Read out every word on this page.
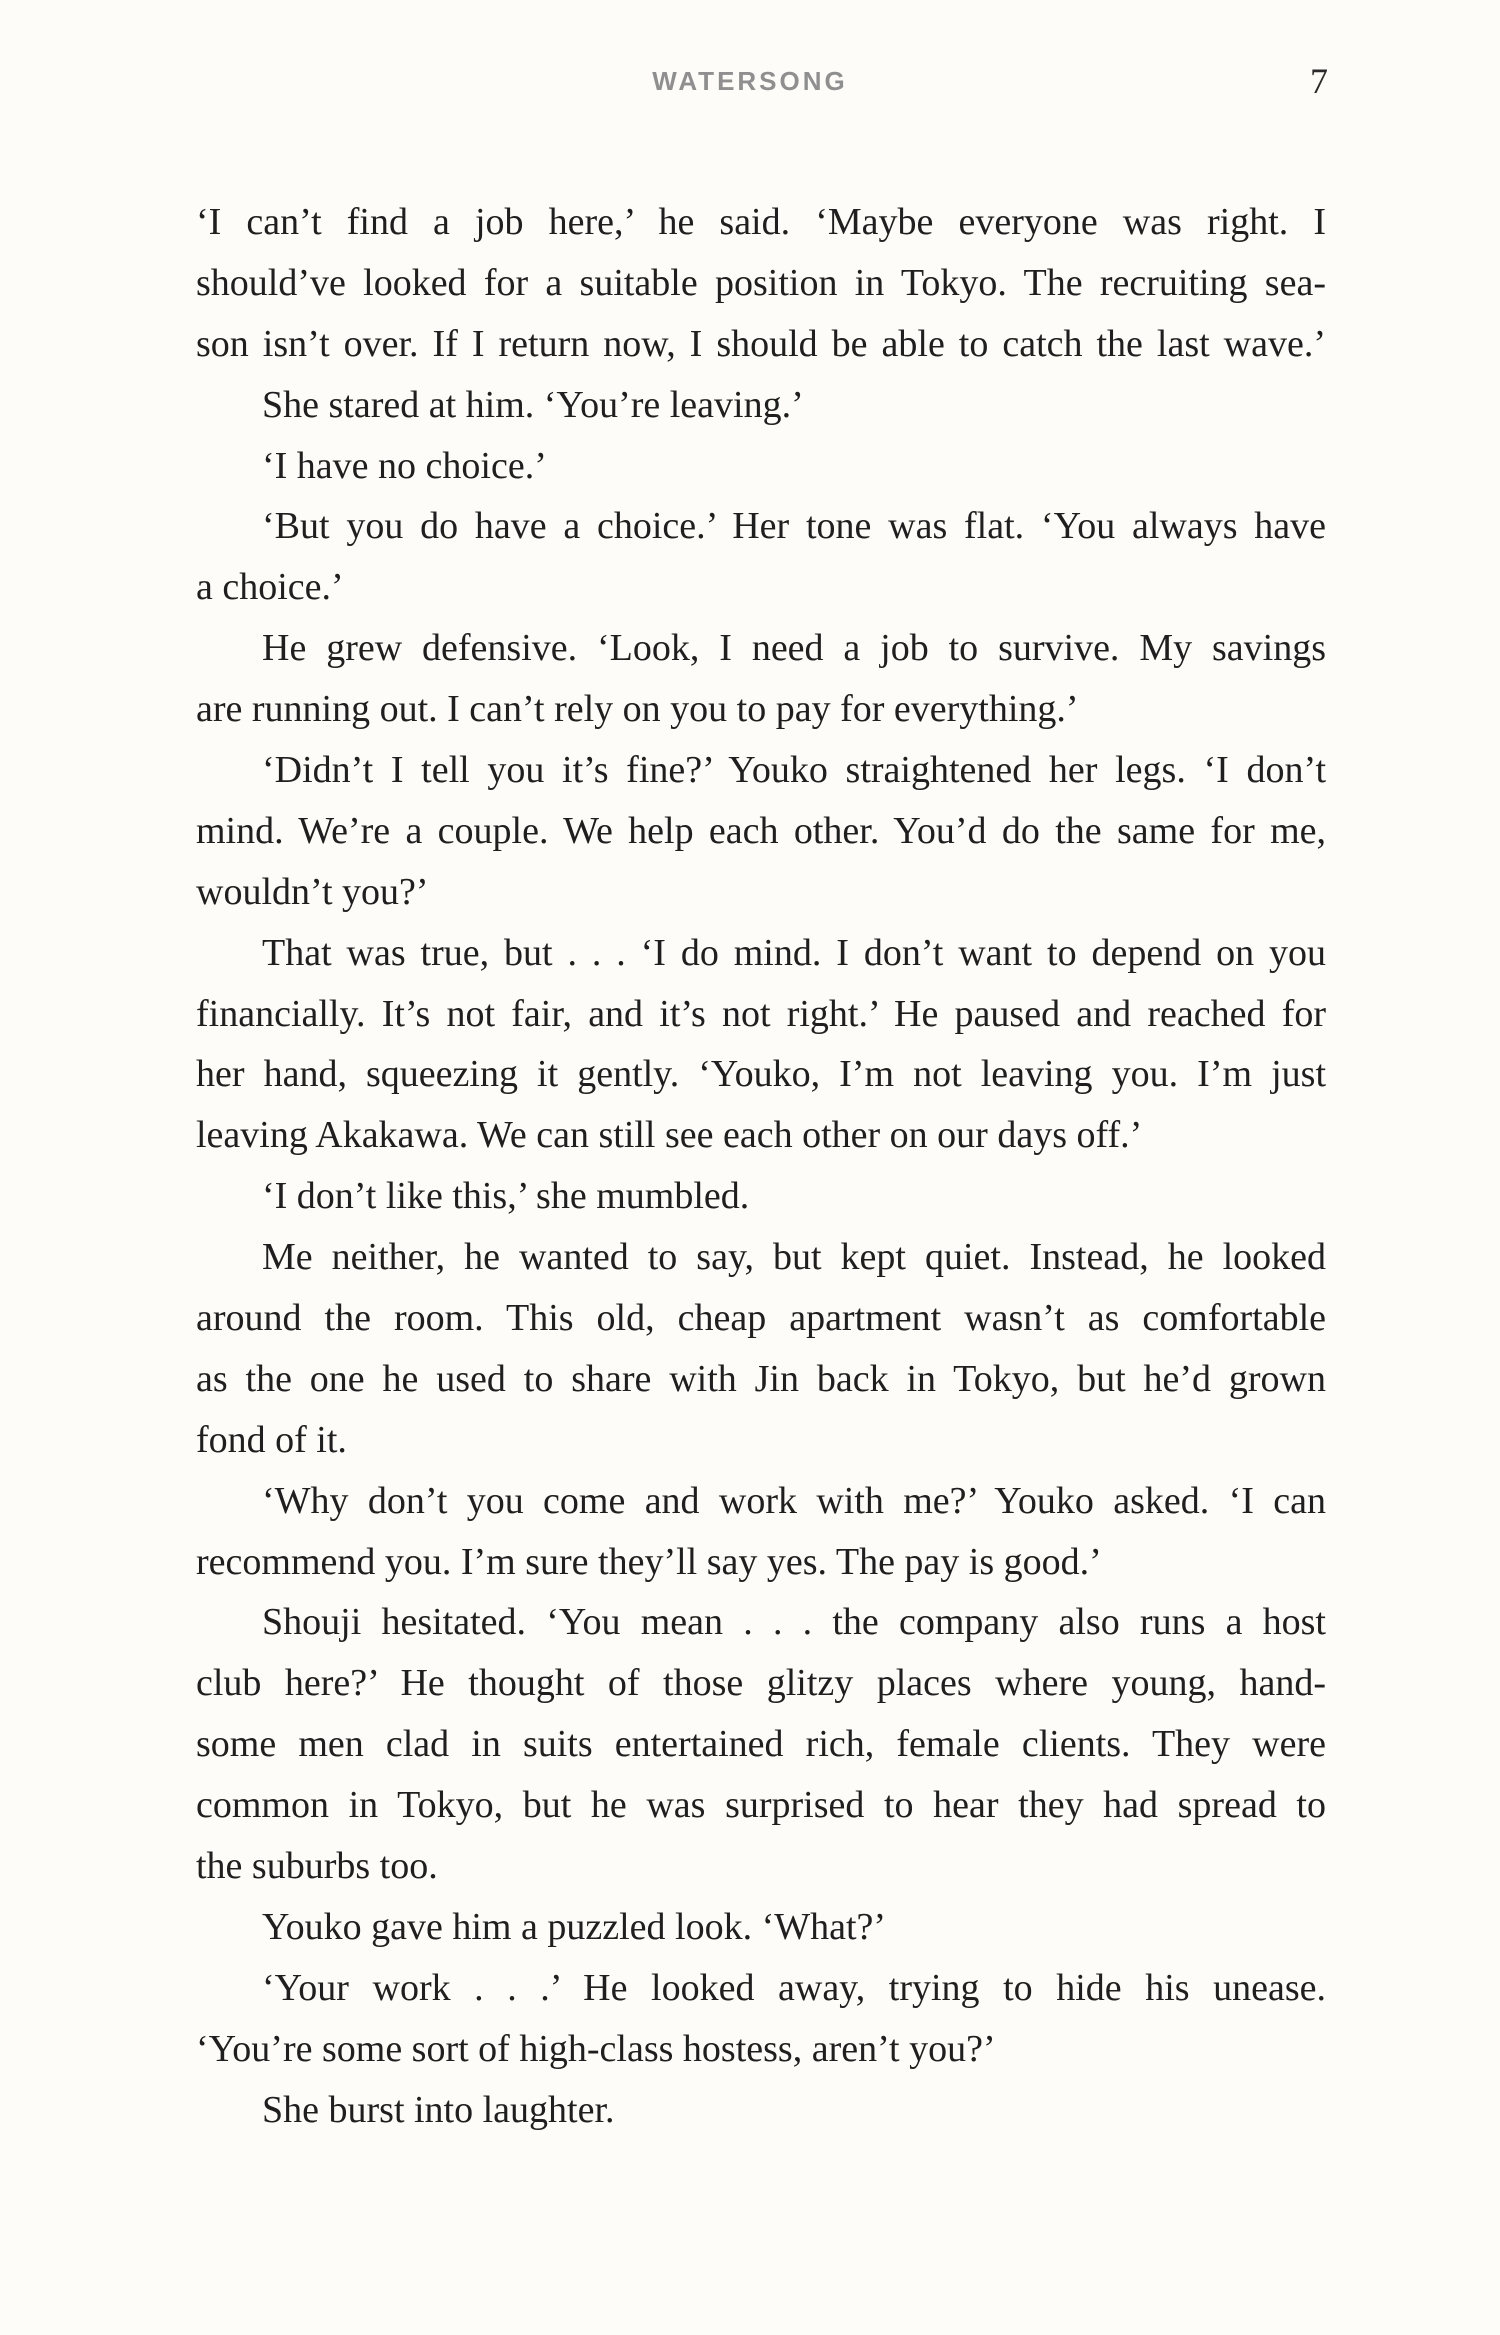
WATERSONG	7
‘I can’t find a job here,’ he said. ‘Maybe everyone was right. I
should’ve looked for a suitable position in Tokyo. The recruiting sea-
son isn’t over. If I return now, I should be able to catch the last wave.’
She stared at him. ‘You’re leaving.’
‘I have no choice.’
‘But you do have a choice.’ Her tone was flat. ‘You always have
a choice.’
He grew defensive. ‘Look, I need a job to survive. My savings
are running out. I can’t rely on you to pay for everything.’
‘Didn’t I tell you it’s fine?’ Youko straightened her legs. ‘I don’t
mind. We’re a couple. We help each other. You’d do the same for me,
wouldn’t you?’
That was true, but . . . ‘I do mind. I don’t want to depend on you
financially. It’s not fair, and it’s not right.’ He paused and reached for
her hand, squeezing it gently. ‘Youko, I’m not leaving you. I’m just
leaving Akakawa. We can still see each other on our days off.’
‘I don’t like this,’ she mumbled.
Me neither, he wanted to say, but kept quiet. Instead, he looked
around the room. This old, cheap apartment wasn’t as comfortable
as the one he used to share with Jin back in Tokyo, but he’d grown
fond of it.
‘Why don’t you come and work with me?’ Youko asked. ‘I can
recommend you. I’m sure they’ll say yes. The pay is good.’
Shouji hesitated. ‘You mean . . . the company also runs a host
club here?’ He thought of those glitzy places where young, hand-
some men clad in suits entertained rich, female clients. They were
common in Tokyo, but he was surprised to hear they had spread to
the suburbs too.
Youko gave him a puzzled look. ‘What?’
‘Your work . . .’ He looked away, trying to hide his unease.
‘You’re some sort of high-class hostess, aren’t you?’
She burst into laughter.
